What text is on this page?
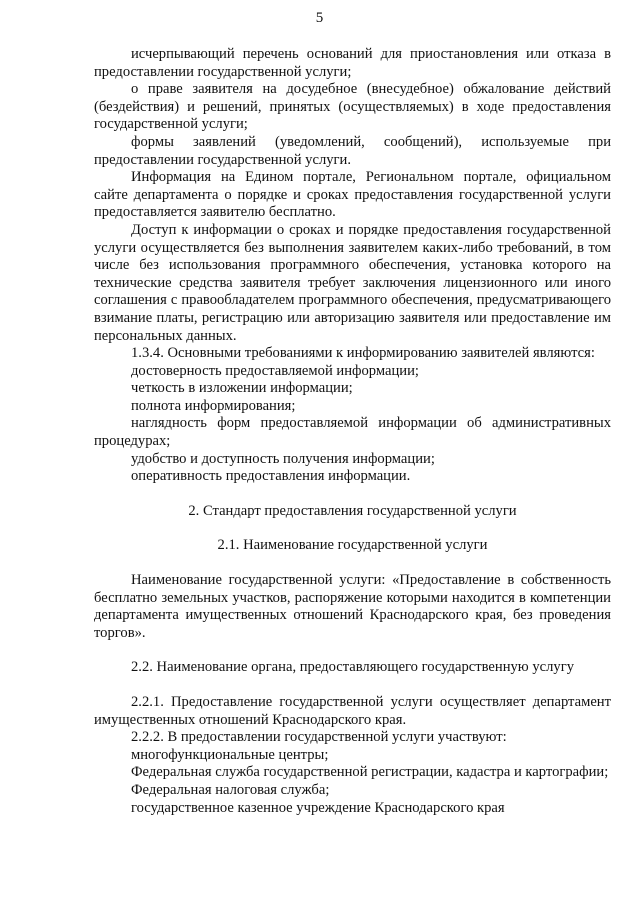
5

исчерпывающий перечень оснований для приостановления или отказа в предоставлении государственной услуги;

о праве заявителя на досудебное (внесудебное) обжалование действий (бездействия) и решений, принятых (осуществляемых) в ходе предоставления государственной услуги;

формы заявлений (уведомлений, сообщений), используемые при предоставлении государственной услуги.

Информация на Едином портале, Региональном портале, официальном сайте департамента о порядке и сроках предоставления государственной услуги предоставляется заявителю бесплатно.

Доступ к информации о сроках и порядке предоставления государственной услуги осуществляется без выполнения заявителем каких-либо требований, в том числе без использования программного обеспечения, установка которого на технические средства заявителя требует заключения лицензионного или иного соглашения с правообладателем программного обеспечения, предусматривающего взимание платы, регистрацию или авторизацию заявителя или предоставление им персональных данных.

1.3.4. Основными требованиями к информированию заявителей являются:

достоверность предоставляемой информации;

четкость в изложении информации;

полнота информирования;

наглядность форм предоставляемой информации об административных процедурах;

удобство и доступность получения информации;

оперативность предоставления информации.

2. Стандарт предоставления государственной услуги

2.1. Наименование государственной услуги

Наименование государственной услуги: «Предоставление в собственность бесплатно земельных участков, распоряжение которыми находится в компетенции департамента имущественных отношений Краснодарского края, без проведения торгов».

2.2. Наименование органа, предоставляющего государственную услугу

2.2.1. Предоставление государственной услуги осуществляет департамент имущественных отношений Краснодарского края.

2.2.2. В предоставлении государственной услуги участвуют:

многофункциональные центры;

Федеральная служба государственной регистрации, кадастра и картографии;

Федеральная налоговая служба;

государственное казенное учреждение Краснодарского края
